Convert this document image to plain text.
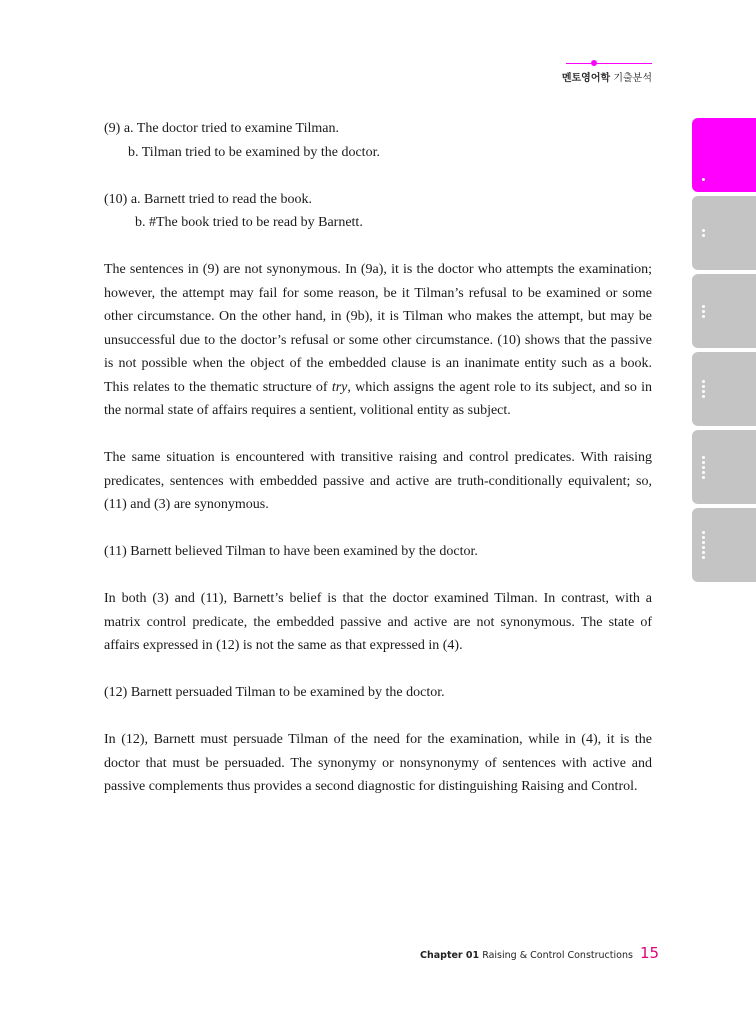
멘토영어학 기출분석

(9) a. The doctor tried to examine Tilman.

b. Tilman tried to be examined by the doctor.

(10) a. Barnett tried to read the book.

b. #The book tried to be read by Barnett.

The sentences in (9) are not synonymous. In (9a), it is the doctor who attempts the examination; however, the attempt may fail for some reason, be it Tilman’s refusal to be examined or some other circumstance. On the other hand, in (9b), it is Tilman who makes the attempt, but may be unsuccessful due to the doctor’s refusal or some other circumstance. (10) shows that the passive is not possible when the object of the embedded clause is an inanimate entity such as a book. This relates to the thematic structure of try, which assigns the agent role to its subject, and so in the normal state of affairs requires a sentient, volitional entity as subject.

The same situation is encountered with transitive raising and control predicates. With raising predicates, sentences with embedded passive and active are truth-conditionally equivalent; so, (11) and (3) are synonymous.

(11) Barnett believed Tilman to have been examined by the doctor.

In both (3) and (11), Barnett’s belief is that the doctor examined Tilman. In contrast, with a matrix control predicate, the embedded passive and active are not synonymous. The state of affairs expressed in (12) is not the same as that expressed in (4).

(12) Barnett persuaded Tilman to be examined by the doctor.

In (12), Barnett must persuade Tilman of the need for the examination, while in (4), it is the doctor that must be persuaded. The synonymy or nonsynonymy of sentences with active and passive complements thus provides a second diagnostic for distinguishing Raising and Control.

Chapter 01 Raising & Control Constructions 15
